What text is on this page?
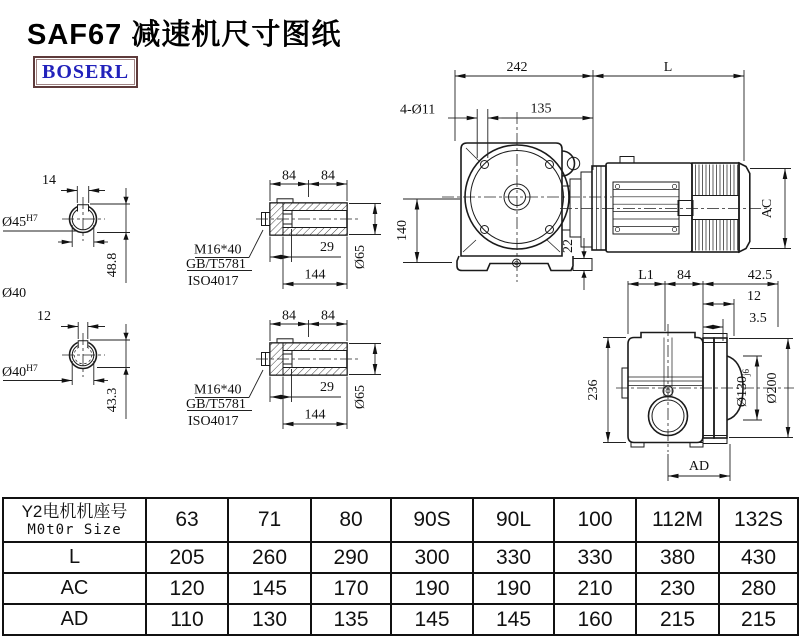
SAF67 减速机尺寸图纸
BOSERL
14
$Ø45^{H7}$
48.8
Ø40
12
$Ø40^{H7}$
43.3
84 84
Ø65
29
144
M16*40
GB/T5781
ISO4017
84 84
Ø65
29
144
M16*40
GB/T5781
ISO4017
242	L
4-Ø11	135
140
22
AC
L1 84	42.5
12
3.5
236	$Ø130_{j6}$ Ø200
AD
Y2电机机座号
M0t0r Size	63	71	80	90S	90L	100	112M	132S
L	205	260	290	300	330	330	380	430
AC	120	145	170	190	190	210	230	280
AD	110	130	135	145	145	160	215	215
